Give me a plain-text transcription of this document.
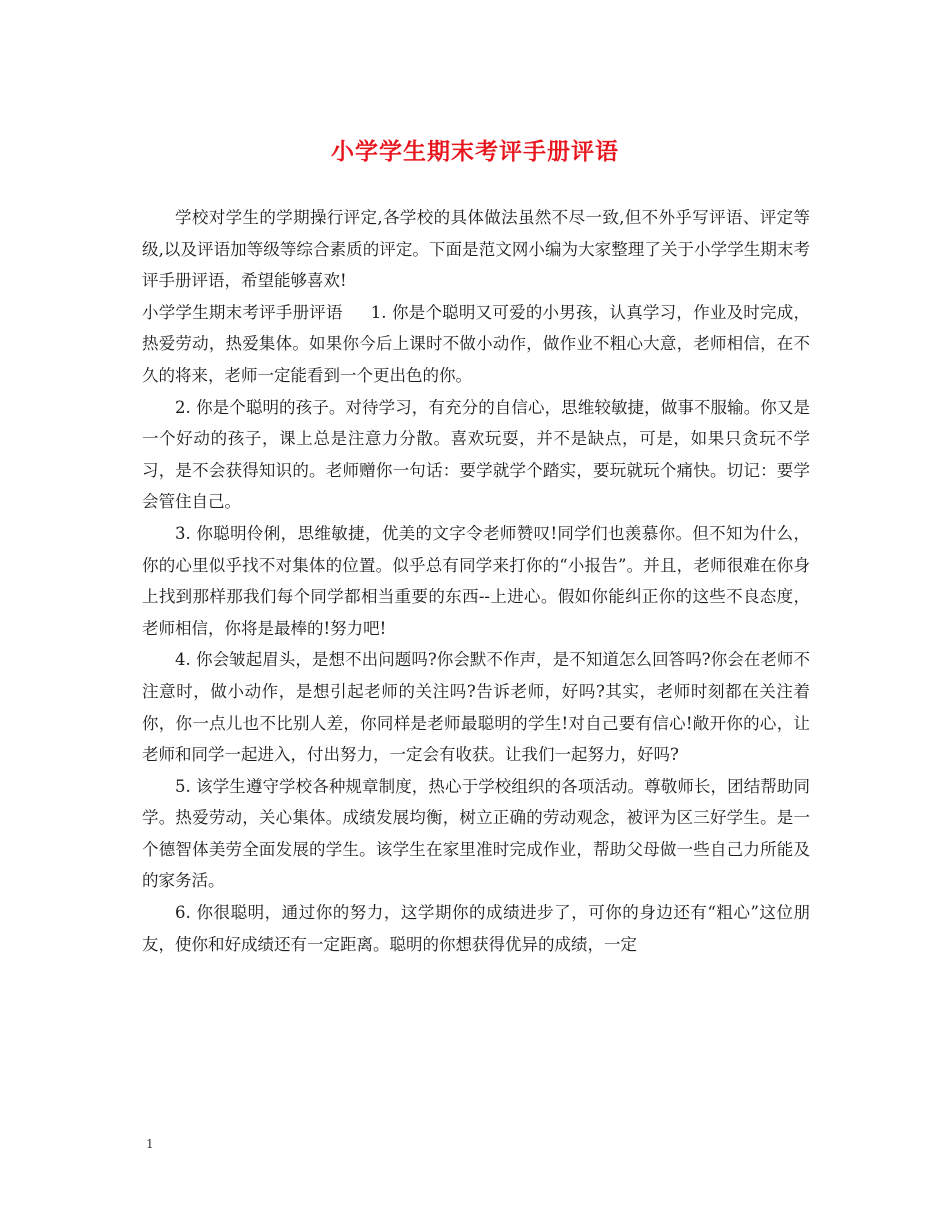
小学学生期末考评手册评语

学校对学生的学期操行评定,各学校的具体做法虽然不尽一致,但不外乎写评语、评定等级,以及评语加等级等综合素质的评定。下面是范文网小编为大家整理了关于小学学生期末考评手册评语，希望能够喜欢!

小学学生期末考评手册评语 1. 你是个聪明又可爱的小男孩，认真学习，作业及时完成，热爱劳动，热爱集体。如果你今后上课时不做小动作，做作业不粗心大意，老师相信，在不久的将来，老师一定能看到一个更出色的你。

2. 你是个聪明的孩子。对待学习，有充分的自信心，思维较敏捷，做事不服输。你又是一个好动的孩子，课上总是注意力分散。喜欢玩耍，并不是缺点，可是，如果只贪玩不学习，是不会获得知识的。老师赠你一句话：要学就学个踏实，要玩就玩个痛快。切记：要学会管住自己。

3. 你聪明伶俐，思维敏捷，优美的文字令老师赞叹!同学们也羡慕你。但不知为什么，你的心里似乎找不对集体的位置。似乎总有同学来打你的“小报告”。并且，老师很难在你身上找到那样那我们每个同学都相当重要的东西--上进心。假如你能纠正你的这些不良态度，老师相信，你将是最棒的!努力吧!

4. 你会皱起眉头，是想不出问题吗?你会默不作声，是不知道怎么回答吗?你会在老师不注意时，做小动作，是想引起老师的关注吗?告诉老师，好吗?其实，老师时刻都在关注着你，你一点儿也不比别人差，你同样是老师最聪明的学生!对自己要有信心!敞开你的心，让老师和同学一起进入，付出努力，一定会有收获。让我们一起努力，好吗?

5. 该学生遵守学校各种规章制度，热心于学校组织的各项活动。尊敬师长，团结帮助同学。热爱劳动，关心集体。成绩发展均衡，树立正确的劳动观念，被评为区三好学生。是一个德智体美劳全面发展的学生。该学生在家里准时完成作业，帮助父母做一些自己力所能及的家务活。

6. 你很聪明，通过你的努力，这学期你的成绩进步了，可你的身边还有“粗心”这位朋友，使你和好成绩还有一定距离。聪明的你想获得优异的成绩，一定

1
